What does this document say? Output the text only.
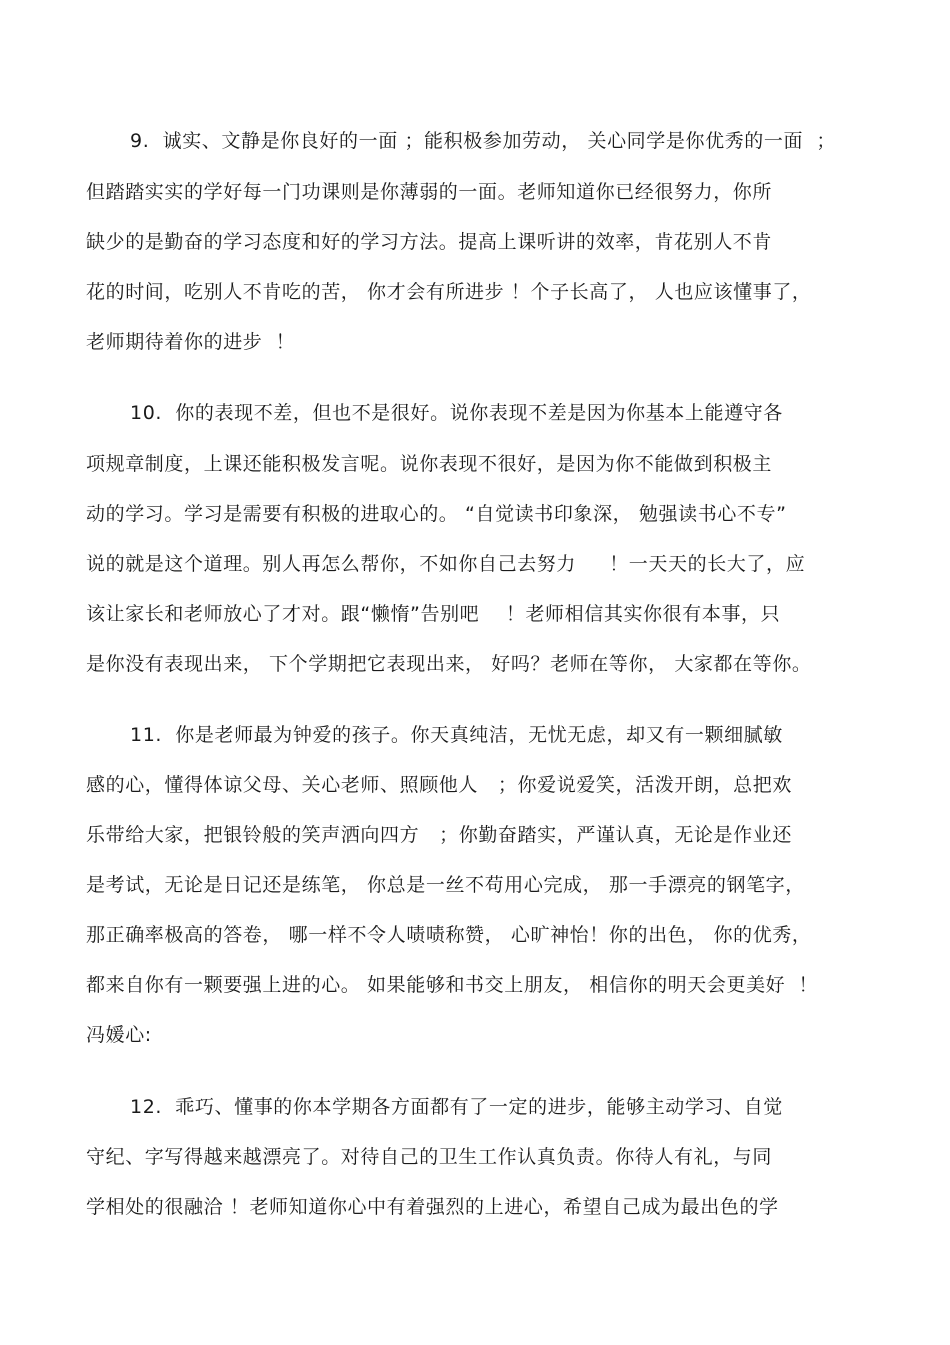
9.  诚实、文静是你良好的一面 ；能积极参加劳动， 关心同学是你优秀的一面  ；
但踏踏实实的学好每一门功课则是你薄弱的一面。老师知道你已经很努力，你所
缺少的是勤奋的学习态度和好的学习方法。提高上课听讲的效率，肯花别人不肯
花的时间，吃别人不肯吃的苦， 你才会有所进步 ！个子长高了， 人也应该懂事了，
老师期待着你的进步  ！
10.  你的表现不差，但也不是很好。说你表现不差是因为你基本上能遵守各
项规章制度，上课还能积极发言呢。说你表现不很好，是因为你不能做到积极主
动的学习。学习是需要有积极的进取心的。 “自觉读书印象深， 勉强读书心不专”
说的就是这个道理。别人再怎么帮你，不如你自己去努力     ！一天天的长大了，应
该让家长和老师放心了才对。跟“懒惰”告别吧    ！老师相信其实你很有本事，只
是你没有表现出来， 下个学期把它表现出来， 好吗？老师在等你， 大家都在等你。
11.  你是老师最为钟爱的孩子。你天真纯洁，无忧无虑，却又有一颗细腻敏
感的心，懂得体谅父母、关心老师、照顾他人   ；你爱说爱笑，活泼开朗，总把欢
乐带给大家，把银铃般的笑声洒向四方   ；你勤奋踏实，严谨认真，无论是作业还
是考试，无论是日记还是练笔， 你总是一丝不苟用心完成， 那一手漂亮的钢笔字，
那正确率极高的答卷， 哪一样不令人啧啧称赞， 心旷神怡！你的出色， 你的优秀，
都来自你有一颗要强上进的心。 如果能够和书交上朋友， 相信你的明天会更美好  ！
冯媛心:
12.  乖巧、懂事的你本学期各方面都有了一定的进步，能够主动学习、自觉
守纪、字写得越来越漂亮了。对待自己的卫生工作认真负责。你待人有礼，与同
学相处的很融洽 ！老师知道你心中有着强烈的上进心，希望自己成为最出色的学
